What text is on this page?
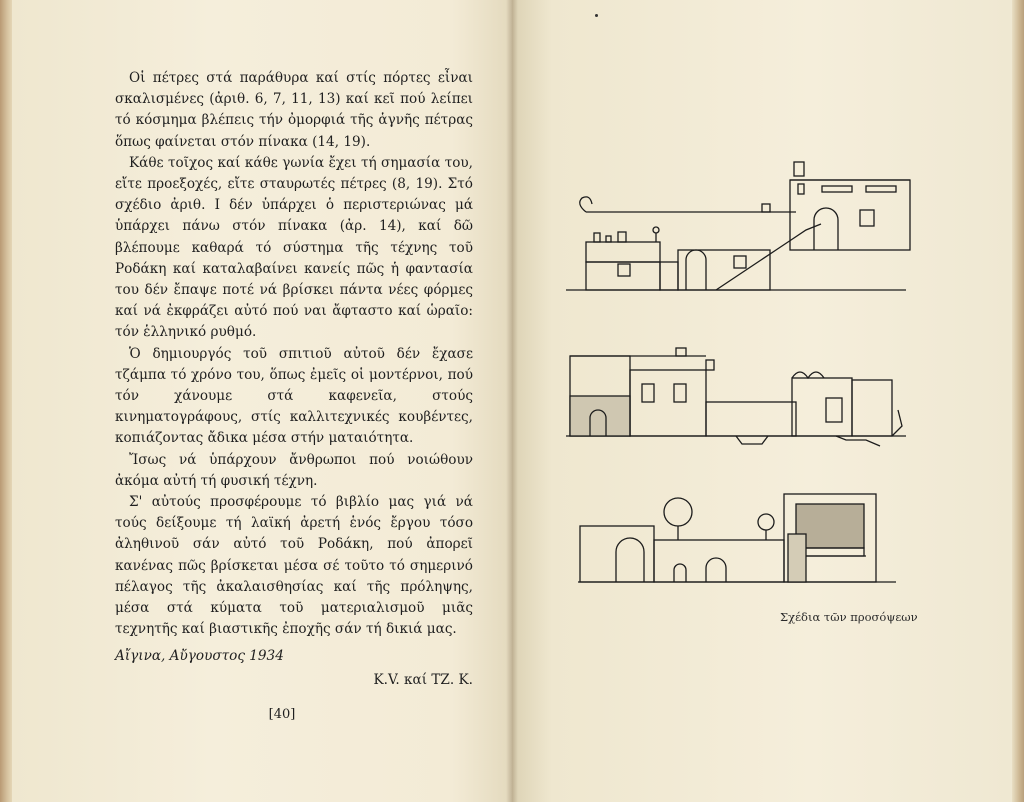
Οἱ πέτρες στά παράθυρα καί στίς πόρτες εἶναι σκαλισμένες (ἀριθ. 6, 7, 11, 13) καί κεῖ πού λείπει τό κόσμημα βλέπεις τήν ὀμορφιά τῆς ἁγνῆς πέτρας ὅπως φαίνεται στόν πίνακα (14, 19).

Κάθε τοῖχος καί κάθε γωνία ἔχει τή σημασία του, εἴτε προεξοχές, εἴτε σταυρωτές πέτρες (8, 19). Στό σχέδιο ἀριθ. Ι δέν ὑπάρχει ὁ περιστεριώνας μά ὑπάρχει πάνω στόν πίνακα (ἀρ. 14), καί δῶ βλέπουμε καθαρά τό σύστημα τῆς τέχνης τοῦ Ροδάκη καί καταλαβαίνει κανείς πῶς ἡ φαντασία του δέν ἔπαψε ποτέ νά βρίσκει πάντα νέες φόρμες καί νά ἐκφράζει αὐτό πού ναι ἄφταστο καί ὡραῖο: τόν ἑλληνικό ρυθμό.

Ὁ δημιουργός τοῦ σπιτιοῦ αὐτοῦ δέν ἔχασε τζάμπα τό χρόνο του, ὅπως ἐμεῖς οἱ μοντέρνοι, πού τόν χάνουμε στά καφενεῖα, στούς κινηματογράφους, στίς καλλιτεχνικές κουβέντες, κοπιάζοντας ἄδικα μέσα στήν ματαιότητα.

Ἴσως νά ὑπάρχουν ἄνθρωποι πού νοιώθουν ἀκόμα αὐτή τή φυσική τέχνη.

Σ' αὐτούς προσφέρουμε τό βιβλίο μας γιά νά τούς δείξουμε τή λαϊκή ἀρετή ἑνός ἔργου τόσο ἀληθινοῦ σάν αὐτό τοῦ Ροδάκη, πού ἀπορεῖ κανένας πῶς βρίσκεται μέσα σέ τοῦτο τό σημερινό πέλαγος τῆς ἀκαλαισθησίας καί τῆς πρόληψης, μέσα στά κύματα τοῦ ματεριαλισμοῦ μιᾶς τεχνητῆς καί βιαστικῆς ἐποχῆς σάν τή δικιά μας.

Αἴγινα, Αὔγουστος 1934

K.V. καί ΤΖ. K.

[40]
Σχέδια τῶν προσόψεων
